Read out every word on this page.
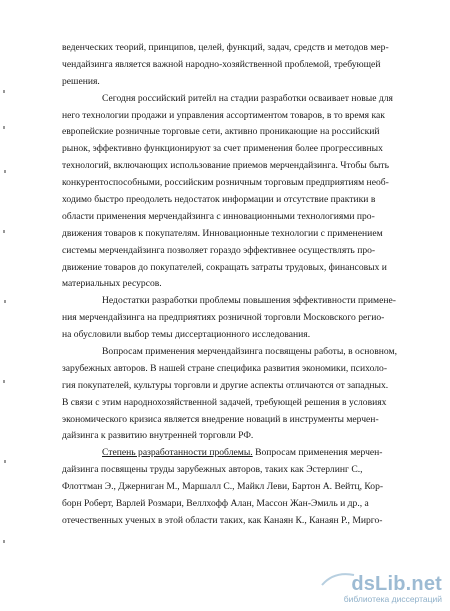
веденческих теорий, принципов, целей, функций, задач, средств и методов мер-
чендайзинга является важной народно-хозяйственной проблемой, требующей
решения.
Сегодня российский ритейл на стадии разработки осваивает новые для
него технологии продажи и управления ассортиментом товаров, в то время как
европейские розничные торговые сети, активно проникающие на российский
рынок, эффективно функционируют за счет применения более прогрессивных
технологий, включающих использование приемов мерчендайзинга. Чтобы быть
конкурентоспособными, российским розничным торговым предприятиям необ-
ходимо быстро преодолеть недостаток информации и отсутствие практики в
области применения мерчендайзинга с инновационными технологиями про-
движения товаров к покупателям. Инновационные технологии с применением
системы мерчендайзинга позволяет гораздо эффективнее осуществлять про-
движение товаров до покупателей, сокращать затраты трудовых, финансовых и
материальных ресурсов.
Недостатки разработки проблемы повышения эффективности примене-
ния мерчендайзинга на предприятиях розничной торговли Московского регио-
на обусловили выбор темы диссертационного исследования.
Вопросам применения мерчендайзинга посвящены работы, в основном,
зарубежных авторов. В нашей стране специфика развития экономики, психоло-
гия покупателей, культуры торговли и другие аспекты отличаются от западных.
В связи с этим народнохозяйственной задачей, требующей решения в условиях
экономического кризиса является внедрение новаций в инструменты мерчен-
дайзинга к развитию внутренней торговли РФ.
Степень разработанности проблемы. Вопросам применения мерчен-
дайзинга посвящены труды зарубежных авторов, таких как Эстерлинг С.,
Флоттман Э., Джерниган М., Маршалл С., Майкл Леви, Бартон А. Вейтц, Кор-
борн Роберт, Варлей Розмари, Веллхофф Алан, Массон Жан-Эмиль и др., а
отечественных ученых в этой области таких, как Канаян К., Канаян Р., Мирго-
dsLib.net
библиотека диссертаций
